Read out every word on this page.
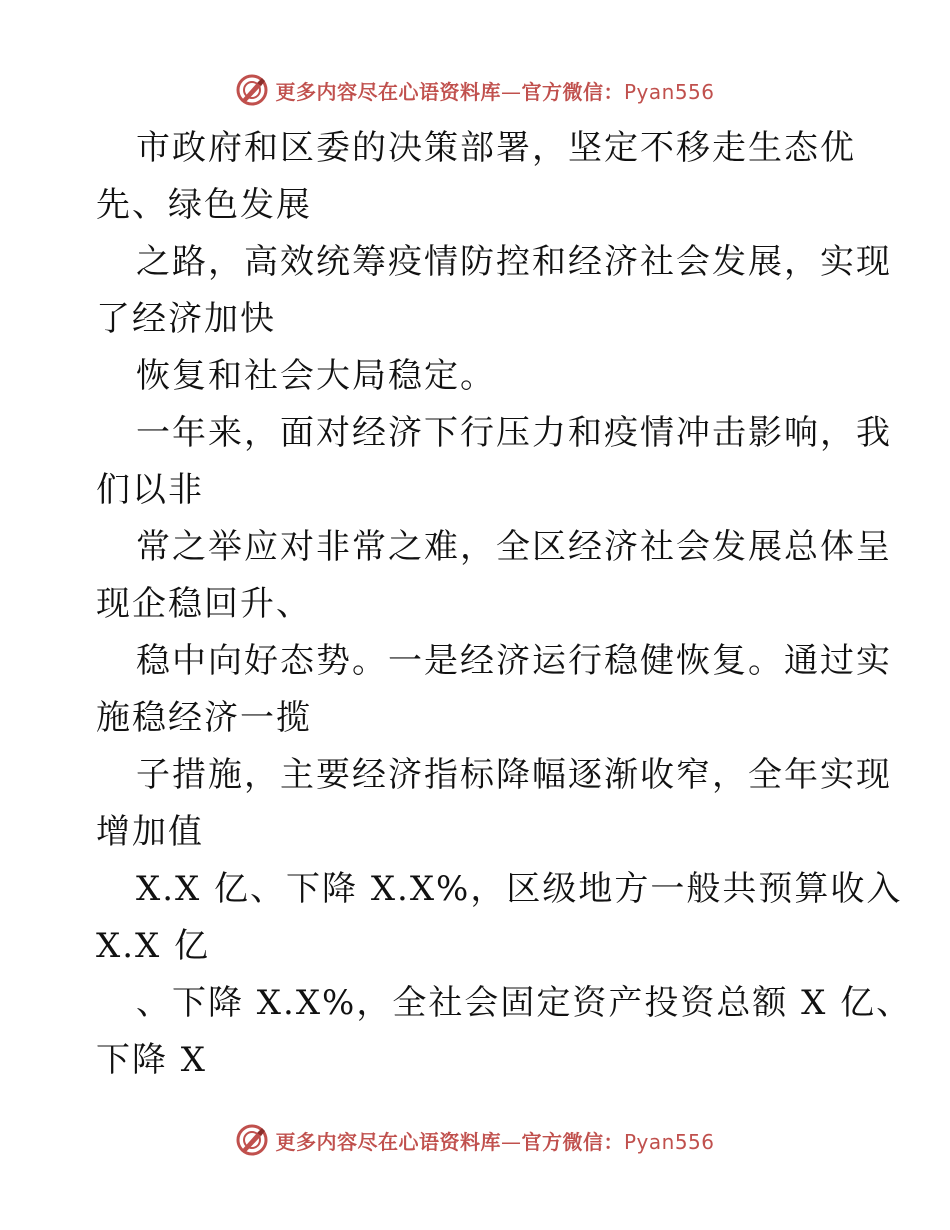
更多内容尽在心语资料库—官方微信：Pyan556
市政府和区委的决策部署，坚定不移走生态优
先、绿色发展
之路，高效统筹疫情防控和经济社会发展，实现
了经济加快
恢复和社会大局稳定。
一年来，面对经济下行压力和疫情冲击影响，我
们以非
常之举应对非常之难，全区经济社会发展总体呈
现企稳回升、
稳中向好态势。一是经济运行稳健恢复。通过实
施稳经济一揽
子措施，主要经济指标降幅逐渐收窄，全年实现
增加值
X.X 亿、下降 X.X%，区级地方一般共预算收入
X.X 亿
、下降 X.X%，全社会固定资产投资总额 X 亿、
下降 X
更多内容尽在心语资料库—官方微信：Pyan556
